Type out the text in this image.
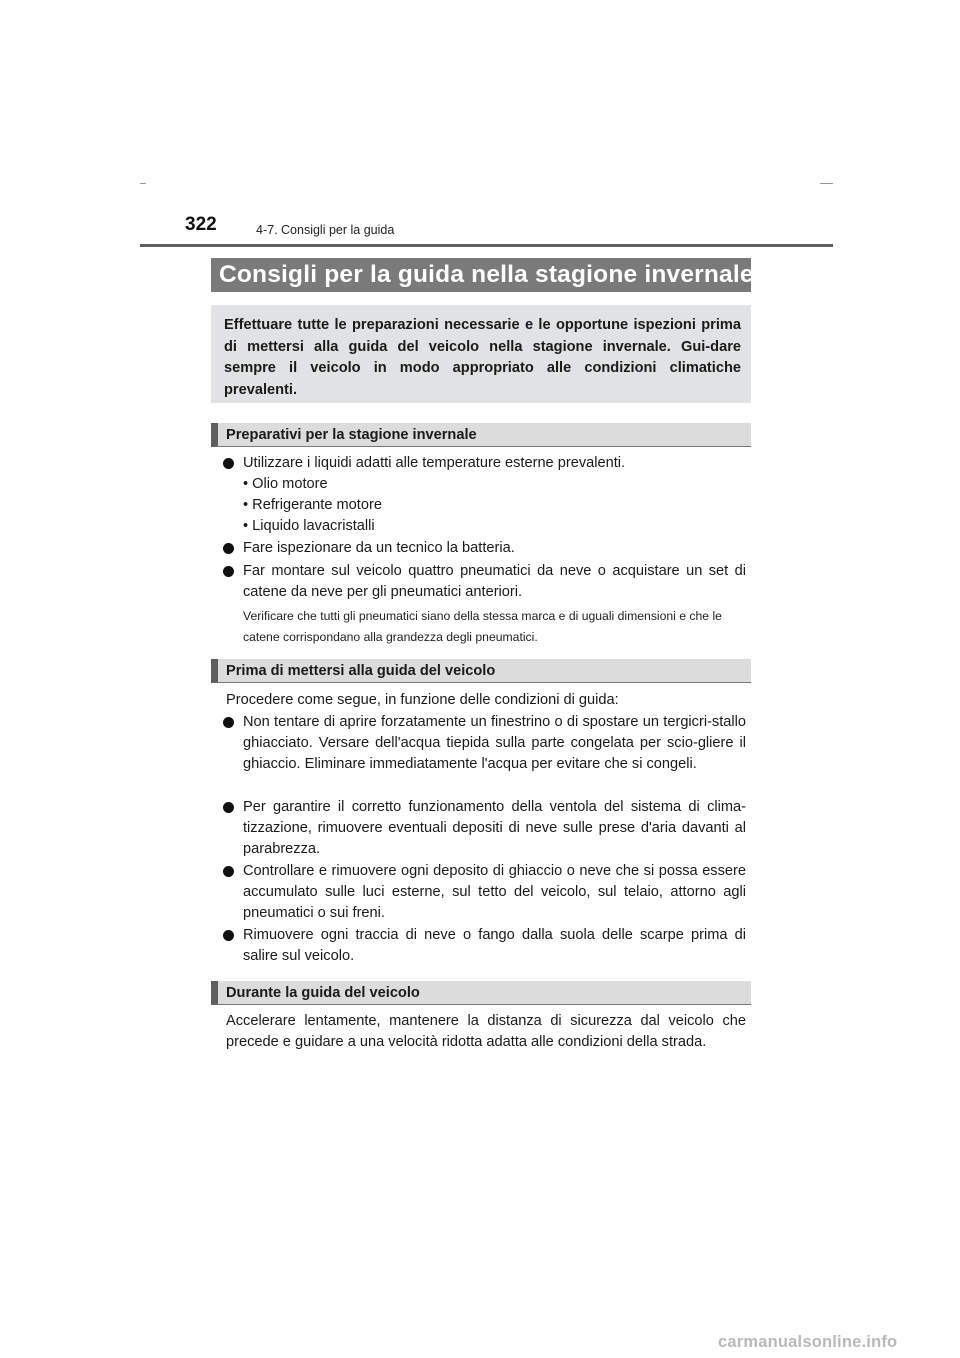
322	4-7. Consigli per la guida
Consigli per la guida nella stagione invernale
Effettuare tutte le preparazioni necessarie e le opportune ispezioni prima di mettersi alla guida del veicolo nella stagione invernale. Gui-dare sempre il veicolo in modo appropriato alle condizioni climatiche prevalenti.
Preparativi per la stagione invernale
Utilizzare i liquidi adatti alle temperature esterne prevalenti.
• Olio motore
• Refrigerante motore
• Liquido lavacristalli
Fare ispezionare da un tecnico la batteria.
Far montare sul veicolo quattro pneumatici da neve o acquistare un set di catene da neve per gli pneumatici anteriori.
Verificare che tutti gli pneumatici siano della stessa marca e di uguali dimensioni e che le catene corrispondano alla grandezza degli pneumatici.
Prima di mettersi alla guida del veicolo
Procedere come segue, in funzione delle condizioni di guida:
Non tentare di aprire forzatamente un finestrino o di spostare un tergicri-stallo ghiacciato. Versare dell'acqua tiepida sulla parte congelata per scio-gliere il ghiaccio. Eliminare immediatamente l'acqua per evitare che si congeli.
Per garantire il corretto funzionamento della ventola del sistema di clima-tizzazione, rimuovere eventuali depositi di neve sulle prese d'aria davanti al parabrezza.
Controllare e rimuovere ogni deposito di ghiaccio o neve che si possa essere accumulato sulle luci esterne, sul tetto del veicolo, sul telaio, attorno agli pneumatici o sui freni.
Rimuovere ogni traccia di neve o fango dalla suola delle scarpe prima di salire sul veicolo.
Durante la guida del veicolo
Accelerare lentamente, mantenere la distanza di sicurezza dal veicolo che precede e guidare a una velocità ridotta adatta alle condizioni della strada.
carmanualsonline.info
